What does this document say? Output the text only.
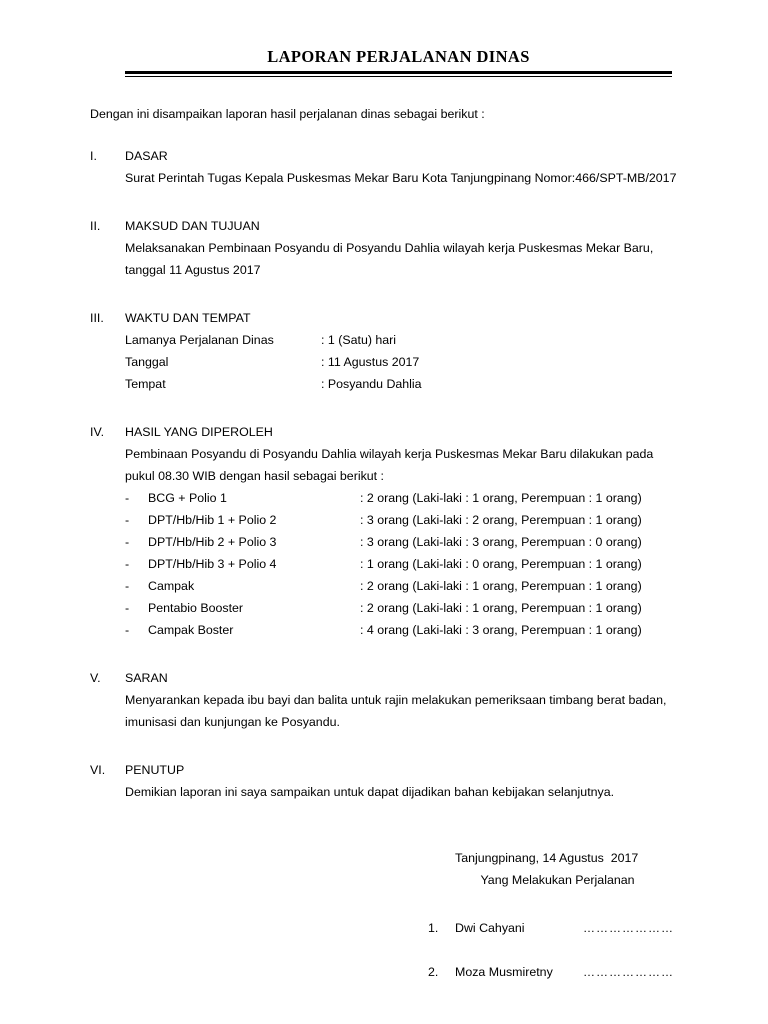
LAPORAN PERJALANAN DINAS

Dengan ini disampaikan laporan hasil perjalanan dinas sebagai berikut :

I.	DASAR

Surat Perintah Tugas Kepala Puskesmas Mekar Baru Kota Tanjungpinang Nomor:466/SPT-MB/2017

II.	MAKSUD DAN TUJUAN

Melaksanakan Pembinaan Posyandu di Posyandu Dahlia wilayah kerja Puskesmas Mekar Baru, tanggal 11 Agustus 2017

III.	WAKTU DAN TEMPAT
Lamanya Perjalanan Dinas	: 1 (Satu) hari
Tanggal	: 11 Agustus 2017
Tempat	: Posyandu Dahlia
IV.	HASIL YANG DIPEROLEH

Pembinaan Posyandu di Posyandu Dahlia wilayah kerja Puskesmas Mekar Baru dilakukan pada pukul 08.30 WIB dengan hasil sebagai berikut :

-	BCG + Polio 1	: 2 orang (Laki-laki : 1 orang, Perempuan : 1 orang)
-	DPT/Hb/Hib 1 + Polio 2	: 3 orang (Laki-laki : 2 orang, Perempuan : 1 orang)
-	DPT/Hb/Hib 2 + Polio 3	: 3 orang (Laki-laki : 3 orang, Perempuan : 0 orang)
-	DPT/Hb/Hib 3 + Polio 4	: 1 orang (Laki-laki : 0 orang, Perempuan : 1 orang)
-	Campak	: 2 orang (Laki-laki : 1 orang, Perempuan : 1 orang)
-	Pentabio Booster	: 2 orang (Laki-laki : 1 orang, Perempuan : 1 orang)
-	Campak Boster	: 4 orang (Laki-laki : 3 orang, Perempuan : 1 orang)
V.	SARAN

Menyarankan kepada ibu bayi dan balita untuk rajin melakukan pemeriksaan timbang berat badan, imunisasi dan kunjungan ke Posyandu.

VI.	PENUTUP

Demikian laporan ini saya sampaikan untuk dapat dijadikan bahan kebijakan selanjutnya.

Tanjungpinang, 14 Agustus  2017
Yang Melakukan Perjalanan
1.	Dwi Cahyani	…………………
2.	Moza Musmiretny	…………………
